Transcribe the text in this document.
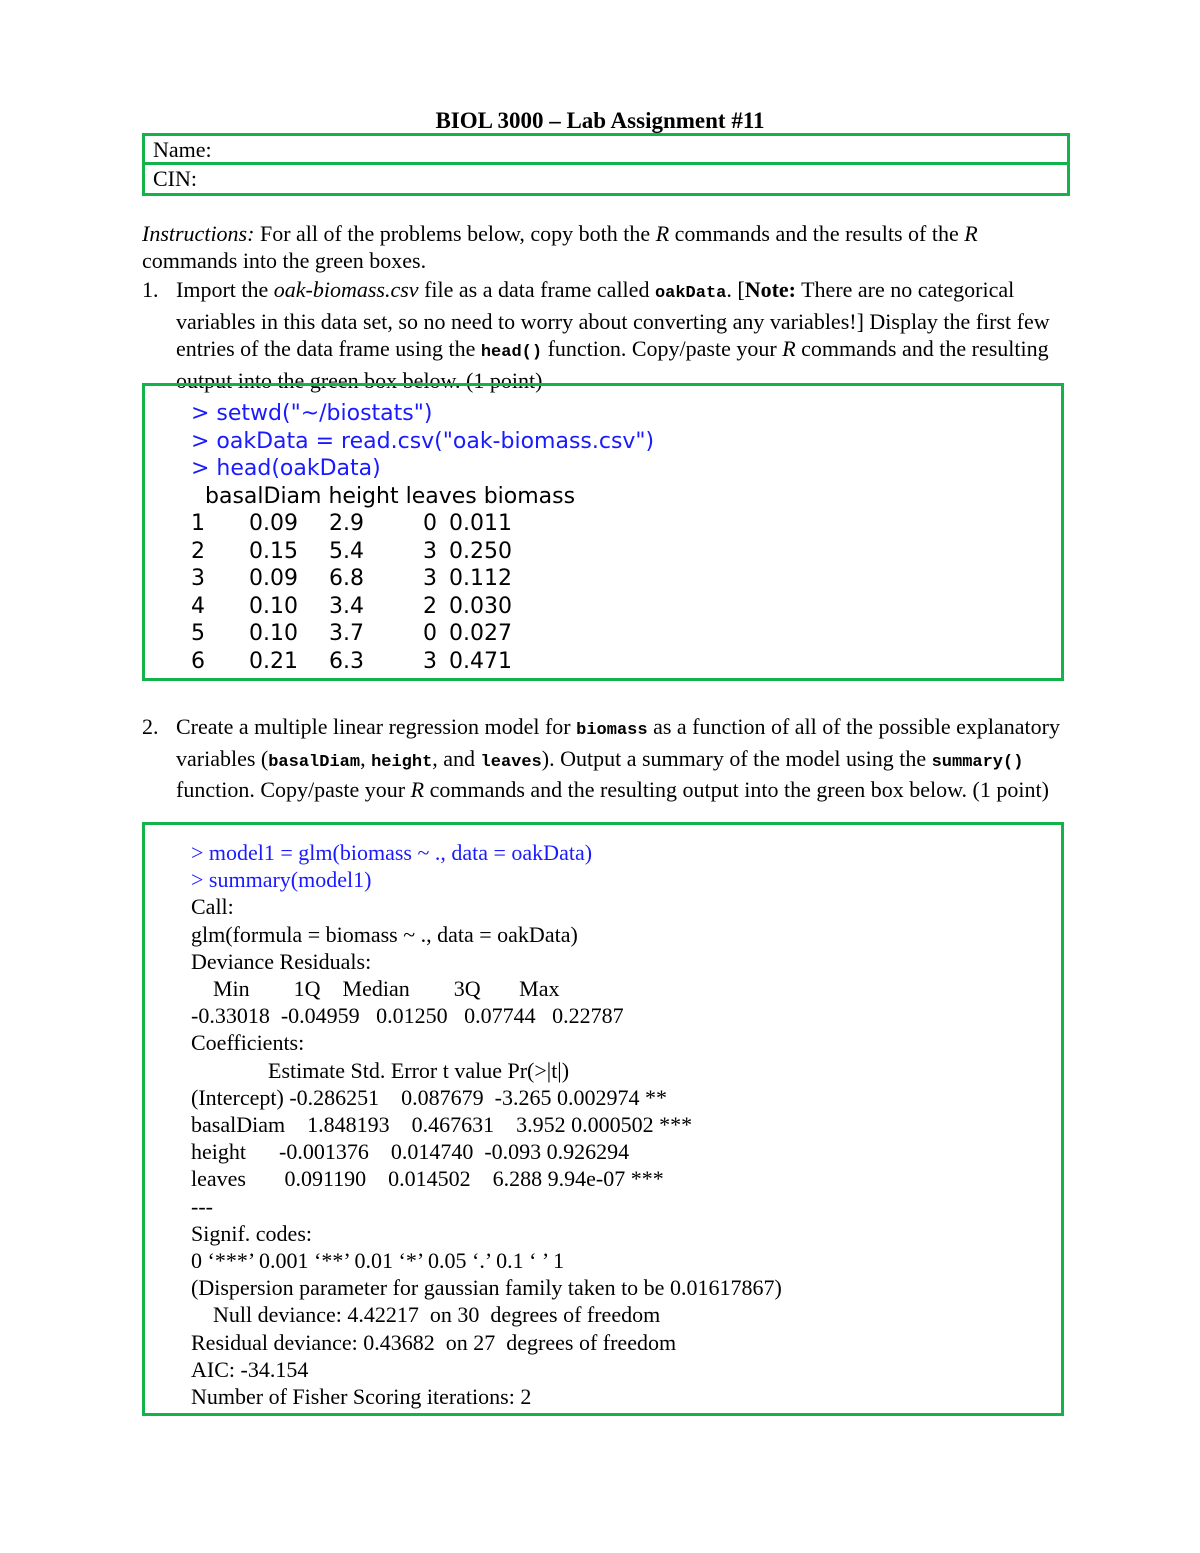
BIOL 3000 – Lab Assignment #11
Name:
CIN:
Instructions: For all of the problems below, copy both the R commands and the results of the R commands into the green boxes.
1. Import the oak-biomass.csv file as a data frame called oakData. [Note: There are no categorical variables in this data set, so no need to worry about converting any variables!] Display the first few entries of the data frame using the head() function. Copy/paste your R commands and the resulting output into the green box below. (1 point)
> setwd("~/biostats")
> oakData = read.csv("oak-biomass.csv")
> head(oakData)
basalDiam height leaves biomass
1	0.09	2.9	0 0.011
2	0.15	5.4	3 0.250
3	0.09	6.8	3 0.112
4	0.10	3.4	2 0.030
5	0.10	3.7	0 0.027
6	0.21	6.3	3 0.471
2. Create a multiple linear regression model for biomass as a function of all of the possible explanatory variables (basalDiam, height, and leaves). Output a summary of the model using the summary() function. Copy/paste your R commands and the resulting output into the green box below. (1 point)
> model1 = glm(biomass ~ ., data = oakData)
> summary(model1)
Call:
glm(formula = biomass ~ ., data = oakData)
Deviance Residuals:
Min        1Q    Median        3Q       Max
-0.33018  -0.04959   0.01250   0.07744   0.22787
Coefficients:
Estimate Std. Error t value Pr(>|t|)
(Intercept) -0.286251    0.087679  -3.265 0.002974 **
basalDiam    1.848193    0.467631    3.952 0.000502 ***
height      -0.001376    0.014740  -0.093 0.926294
leaves       0.091190    0.014502    6.288 9.94e-07 ***
---
Signif. codes:
0 ‘***’ 0.001 ‘**’ 0.01 ‘*’ 0.05 ‘.’ 0.1 ‘ ’ 1
(Dispersion parameter for gaussian family taken to be 0.01617867)
Null deviance: 4.42217  on 30  degrees of freedom
Residual deviance: 0.43682  on 27  degrees of freedom
AIC: -34.154
Number of Fisher Scoring iterations: 2
